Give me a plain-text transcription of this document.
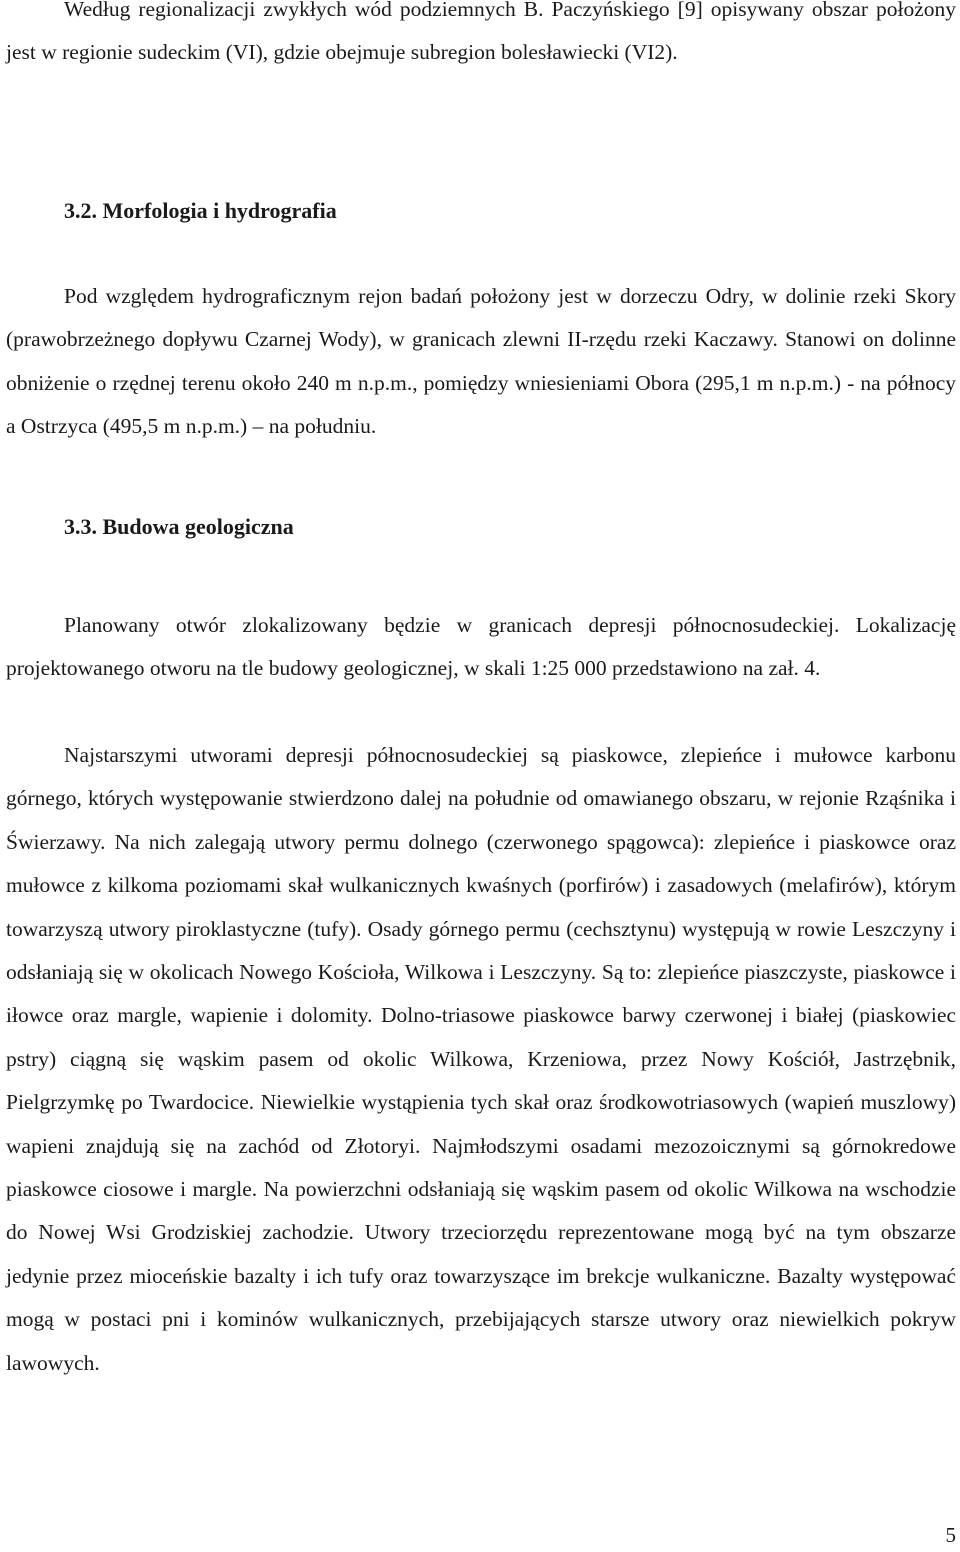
Według regionalizacji zwykłych wód podziemnych B. Paczyńskiego [9] opisywany obszar położony jest w regionie sudeckim (VI), gdzie obejmuje subregion bolesławiecki (VI2).

3.2. Morfologia i hydrografia

Pod względem hydrograficznym rejon badań położony jest w dorzeczu Odry, w dolinie rzeki Skory (prawobrzeżnego dopływu Czarnej Wody), w granicach zlewni II-rzędu rzeki Kaczawy. Stanowi on dolinne obniżenie o rzędnej terenu około 240 m n.p.m., pomiędzy wniesieniami Obora (295,1 m n.p.m.) - na północy a Ostrzyca (495,5 m n.p.m.) – na południu.

3.3. Budowa geologiczna

Planowany otwór zlokalizowany będzie w granicach depresji północnosudeckiej. Lokalizację projektowanego otworu na tle budowy geologicznej, w skali 1:25 000 przedstawiono na zał. 4.

Najstarszymi utworami depresji północnosudeckiej są piaskowce, zlepieńce i mułowce karbonu górnego, których występowanie stwierdzono dalej na południe od omawianego obszaru, w rejonie Rząśnika i Świerzawy. Na nich zalegają utwory permu dolnego (czerwonego spągowca): zlepieńce i piaskowce oraz mułowce z kilkoma poziomami skał wulkanicznych kwaśnych (porfirów) i zasadowych (melafirów), którym towarzyszą utwory piroklastyczne (tufy). Osady górnego permu (cechsztynu) występują w rowie Leszczyny i odsłaniają się w okolicach Nowego Kościoła, Wilkowa i Leszczyny. Są to: zlepieńce piaszczyste, piaskowce i iłowce oraz margle, wapienie i dolomity. Dolno-triasowe piaskowce barwy czerwonej i białej (piaskowiec pstry) ciągną się wąskim pasem od okolic Wilkowa, Krzeniowa, przez Nowy Kościół, Jastrzębnik, Pielgrzymkę po Twardocice. Niewielkie wystąpienia tych skał oraz środkowotriasowych (wapień muszlowy) wapieni znajdują się na zachód od Złotoryi. Najmłodszymi osadami mezozoicznymi są górnokredowe piaskowce ciosowe i margle. Na powierzchni odsłaniają się wąskim pasem od okolic Wilkowa na wschodzie do Nowej Wsi Grodziskiej zachodzie. Utwory trzeciorzędu reprezentowane mogą być na tym obszarze jedynie przez mioceńskie bazalty i ich tufy oraz towarzyszące im brekcje wulkaniczne. Bazalty występować mogą w postaci pni i kominów wulkanicznych, przebijających starsze utwory oraz niewielkich pokryw lawowych.

5
